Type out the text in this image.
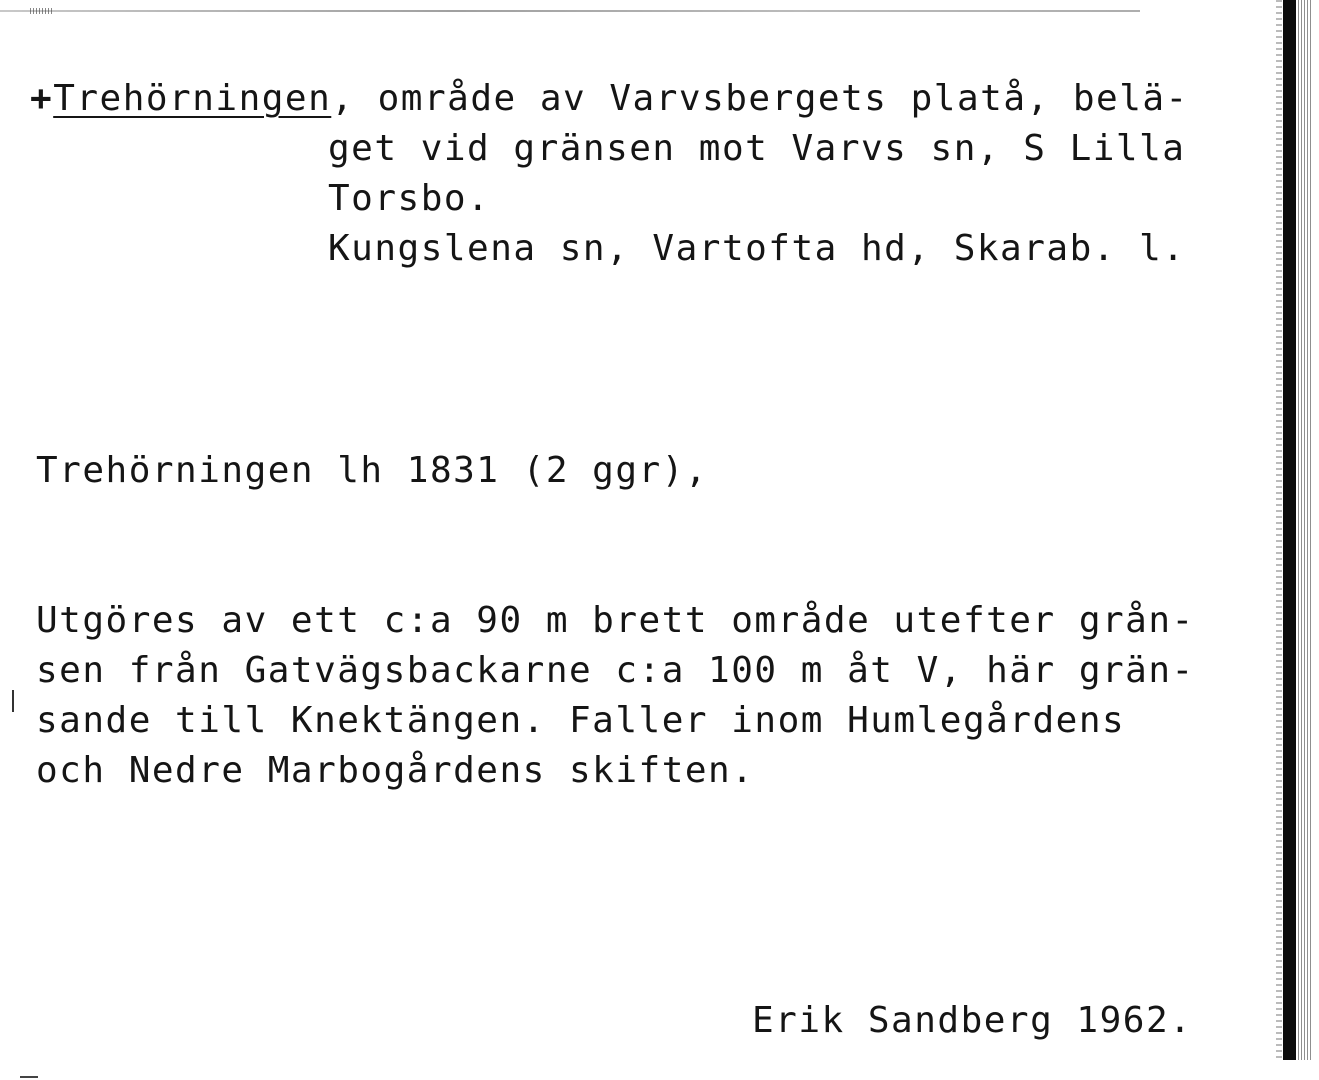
+Trehörningen, område av Varvsbergets platå, belä-
get vid gränsen mot Varvs sn, S Lilla
Torsbo.
Kungslena sn, Vartofta hd, Skarab. l.
Trehörningen lh 1831 (2 ggr),
Utgöres av ett c:a 90 m brett område utefter grån-
sen från Gatvägsbackarne c:a 100 m åt V, här grän-
sande till Knektängen. Faller inom Humlegårdens
och Nedre Marbogårdens skiften.
Erik Sandberg 1962.
